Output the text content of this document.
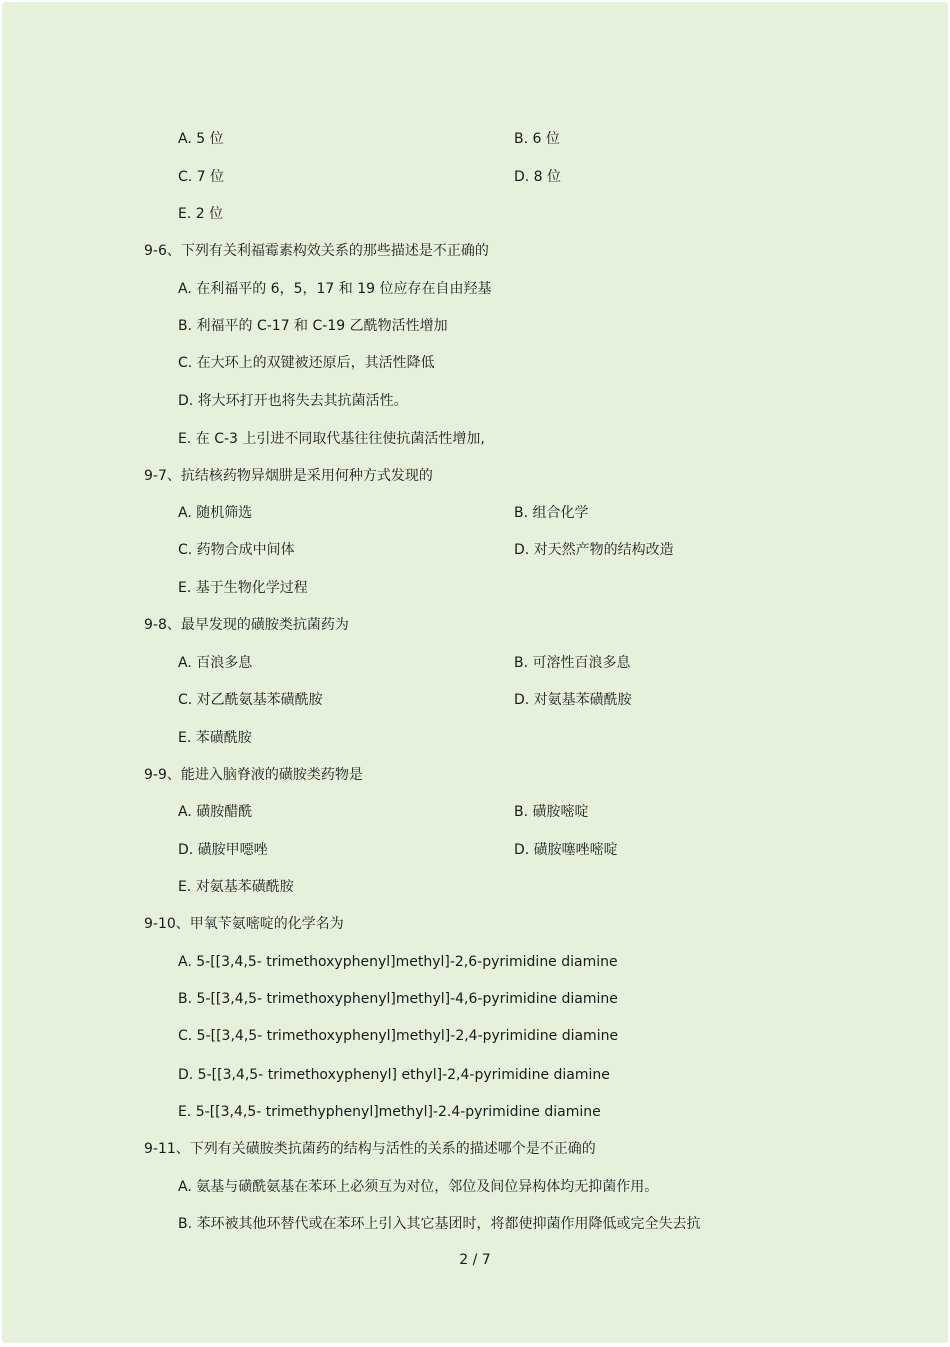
A. 5 位	B. 6 位
C. 7 位	D. 8 位
E. 2 位
9-6、下列有关利福霉素构效关系的那些描述是不正确的
A. 在利福平的 6，5，17 和 19 位应存在自由羟基
B. 利福平的 C-17 和 C-19 乙酰物活性增加
C. 在大环上的双键被还原后，其活性降低
D. 将大环打开也将失去其抗菌活性。
E. 在 C-3 上引进不同取代基往往使抗菌活性增加,
9-7、抗结核药物异烟肼是采用何种方式发现的
A. 随机筛选	B. 组合化学
C. 药物合成中间体	D. 对天然产物的结构改造
E. 基于生物化学过程
9-8、最早发现的磺胺类抗菌药为
A. 百浪多息	B. 可溶性百浪多息
C. 对乙酰氨基苯磺酰胺	D. 对氨基苯磺酰胺
E. 苯磺酰胺
9-9、能进入脑脊液的磺胺类药物是
A. 磺胺醋酰	B. 磺胺嘧啶
D. 磺胺甲噁唑	D. 磺胺噻唑嘧啶
E. 对氨基苯磺酰胺
9-10、甲氧苄氨嘧啶的化学名为
A. 5-[[3,4,5- trimethoxyphenyl]methyl]-2,6-pyrimidine diamine
B. 5-[[3,4,5- trimethoxyphenyl]methyl]-4,6-pyrimidine diamine
C. 5-[[3,4,5- trimethoxyphenyl]methyl]-2,4-pyrimidine diamine
D. 5-[[3,4,5- trimethoxyphenyl] ethyl]-2,4-pyrimidine diamine
E. 5-[[3,4,5- trimethyphenyl]methyl]-2.4-pyrimidine diamine
9-11、下列有关磺胺类抗菌药的结构与活性的关系的描述哪个是不正确的
A. 氨基与磺酰氨基在苯环上必须互为对位，邻位及间位异构体均无抑菌作用。
B. 苯环被其他环替代或在苯环上引入其它基团时，将都使抑菌作用降低或完全失去抗
2 / 7
